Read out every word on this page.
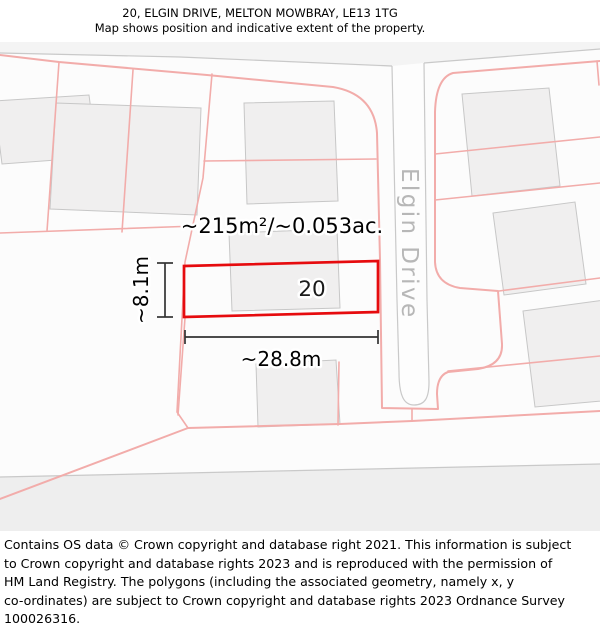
Elgin Drive
~215m²/~0.053ac.
20
~28.8m
~8.1m
20, ELGIN DRIVE, MELTON MOWBRAY, LE13 1TG
Map shows position and indicative extent of the property.
Contains OS data © Crown copyright and database right 2021. This information is subject
to Crown copyright and database rights 2023 and is reproduced with the permission of
HM Land Registry. The polygons (including the associated geometry, namely x, y
co-ordinates) are subject to Crown copyright and database rights 2023 Ordnance Survey
100026316.
